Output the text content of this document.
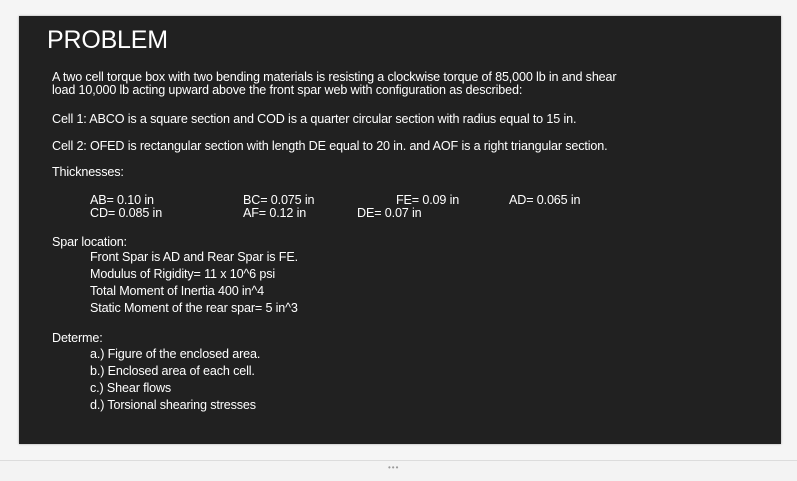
PROBLEM
A two cell torque box with two bending materials is resisting a clockwise torque of 85,000 lb in and shear
load 10,000 lb acting upward above the front spar web with configuration as described:
Cell 1: ABCO is a square section and COD is a quarter circular section with radius equal to 15 in.
Cell 2: OFED is rectangular section with length DE equal to 20 in. and AOF is a right triangular section.
Thicknesses:
AB= 0.10 in	BC= 0.075 in	FE= 0.09 in	AD= 0.065 in
CD= 0.085 in	AF= 0.12 in	DE= 0.07 in
Spar location:
Front Spar is AD and Rear Spar is FE.
Modulus of Rigidity= 11 x 10^6 psi
Total Moment of Inertia 400 in^4
Static Moment of the rear spar= 5 in^3
Determe:
a.) Figure of the enclosed area.
b.) Enclosed area of each cell.
c.) Shear flows
d.) Torsional shearing stresses
•••
